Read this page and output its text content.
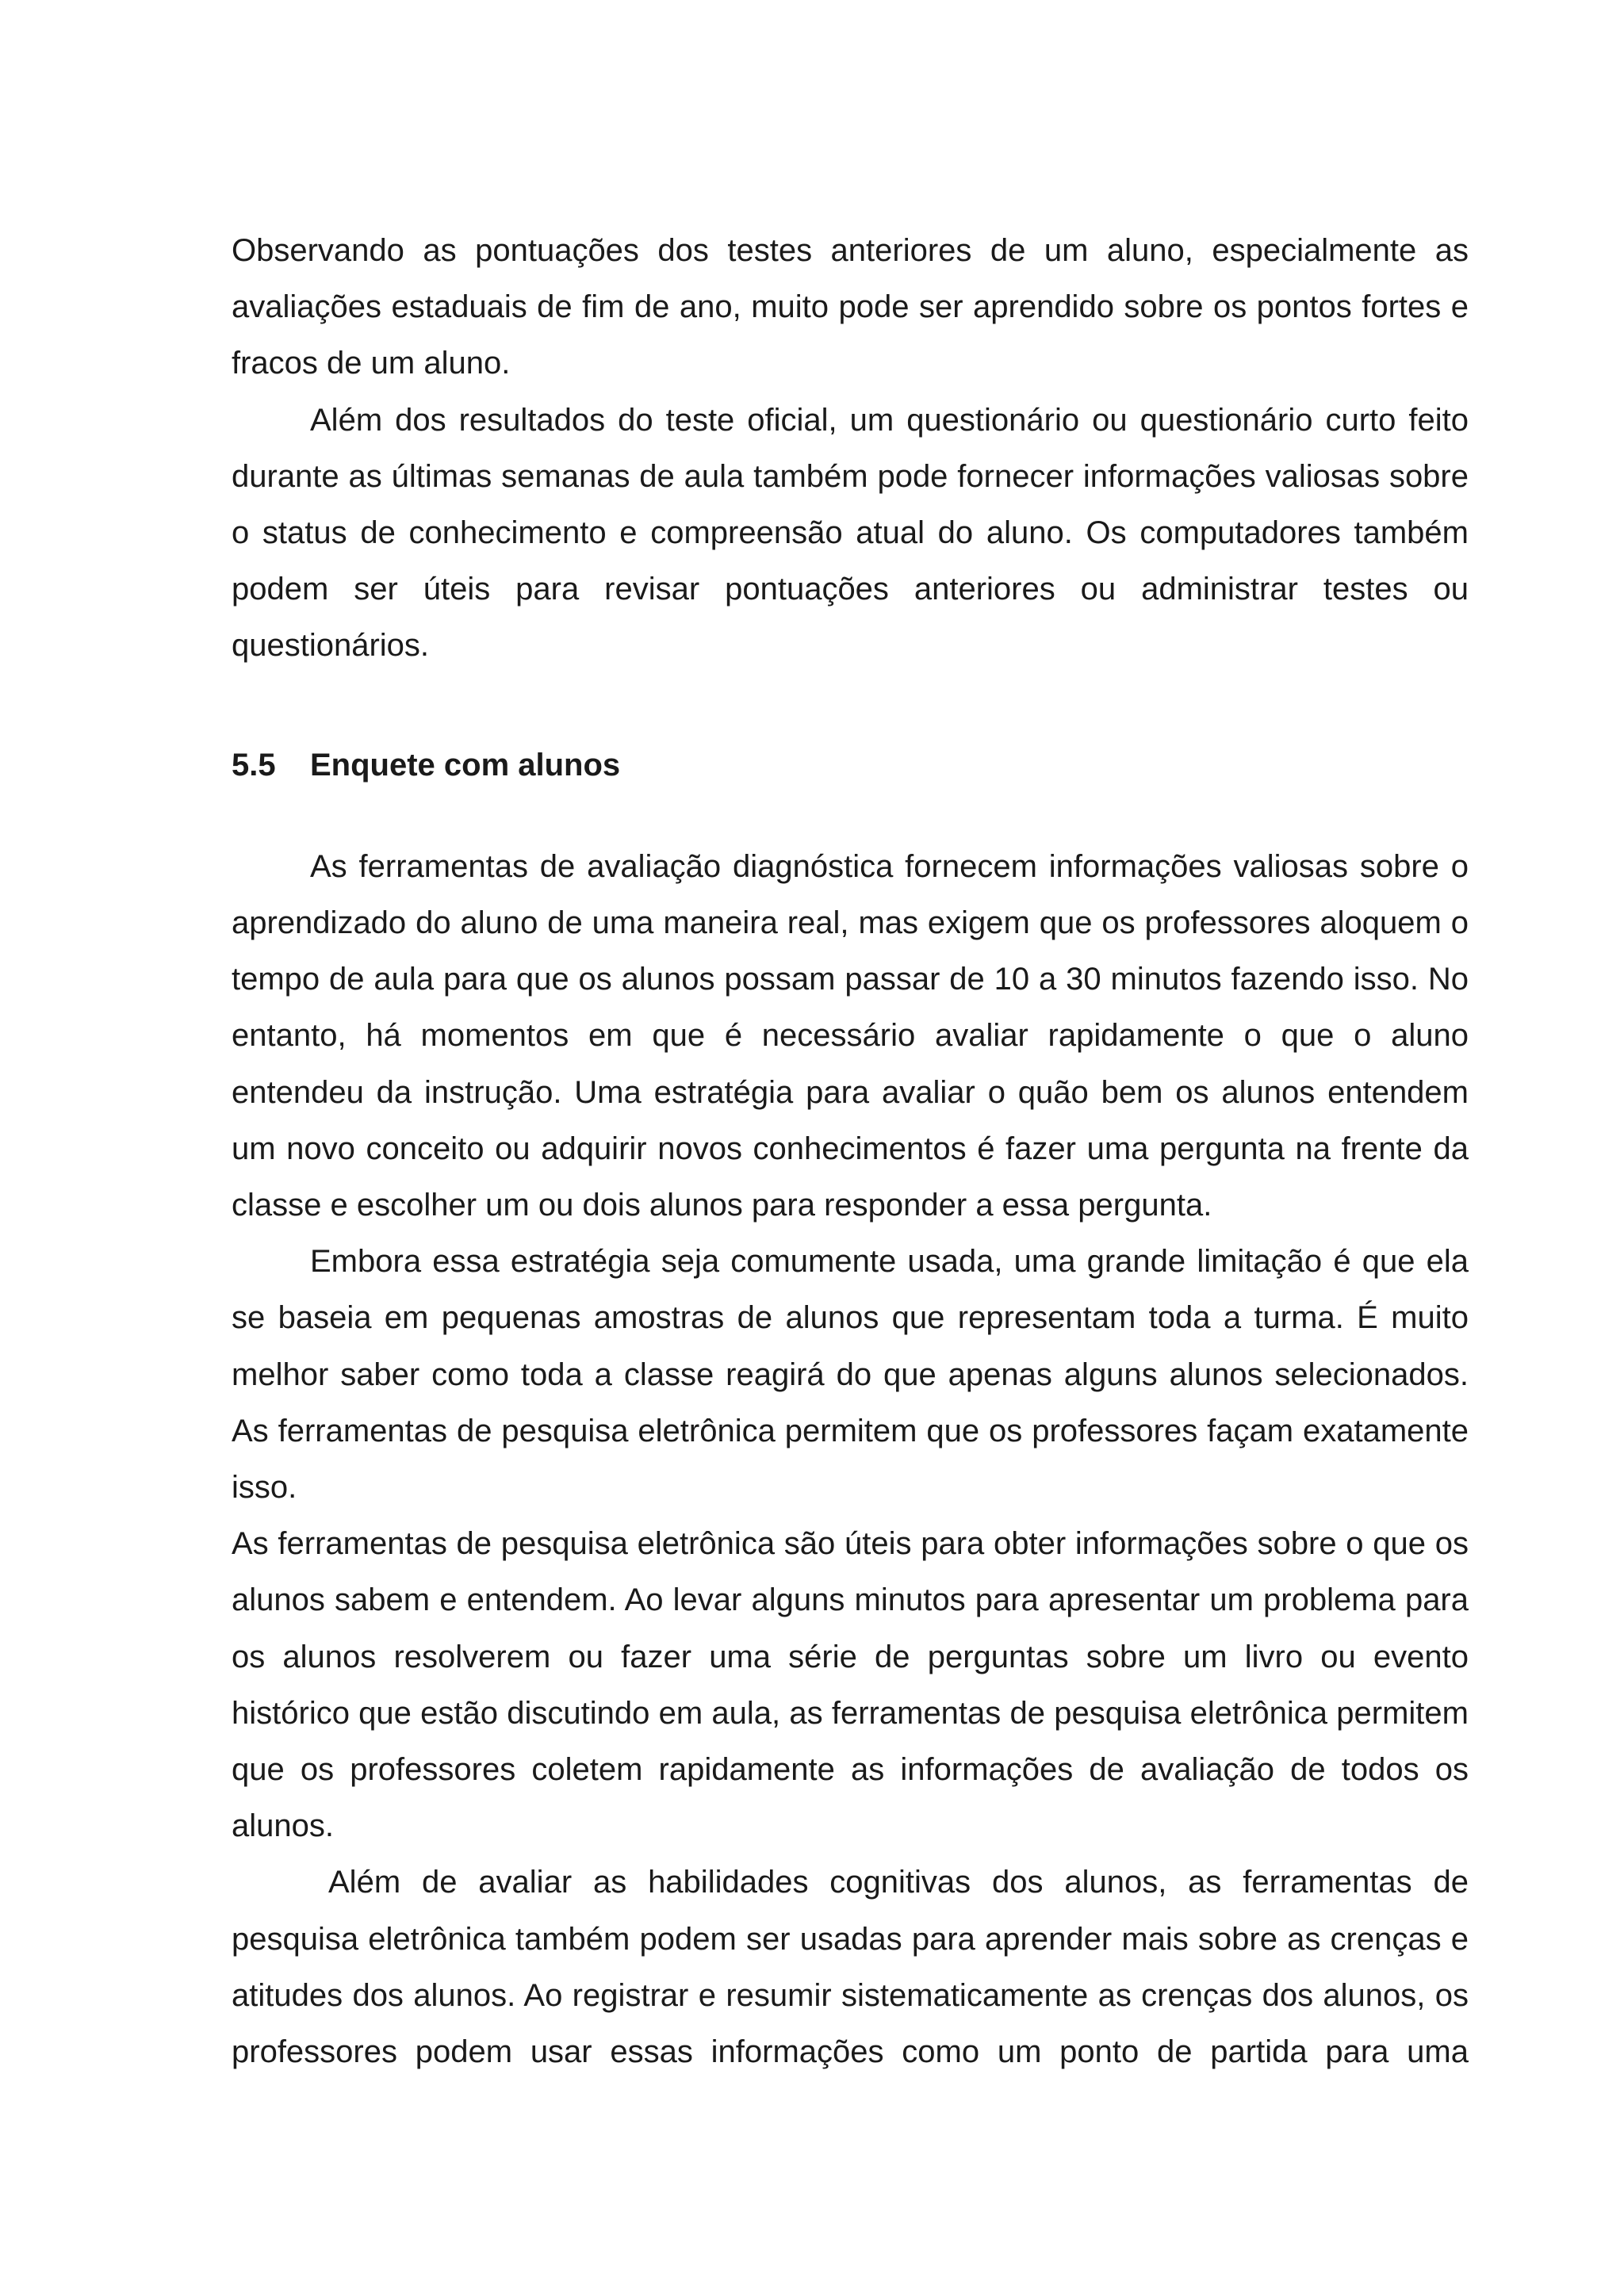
Observando as pontuações dos testes anteriores de um aluno, especialmente as avaliações estaduais de fim de ano, muito pode ser aprendido sobre os pontos fortes e fracos de um aluno.

Além dos resultados do teste oficial, um questionário ou questionário curto feito durante as últimas semanas de aula também pode fornecer informações valiosas sobre o status de conhecimento e compreensão atual do aluno. Os computadores também podem ser úteis para revisar pontuações anteriores ou administrar testes ou questionários.

5.5 Enquete com alunos

As ferramentas de avaliação diagnóstica fornecem informações valiosas sobre o aprendizado do aluno de uma maneira real, mas exigem que os professores aloquem o tempo de aula para que os alunos possam passar de 10 a 30 minutos fazendo isso. No entanto, há momentos em que é necessário avaliar rapidamente o que o aluno entendeu da instrução. Uma estratégia para avaliar o quão bem os alunos entendem um novo conceito ou adquirir novos conhecimentos é fazer uma pergunta na frente da classe e escolher um ou dois alunos para responder a essa pergunta.

Embora essa estratégia seja comumente usada, uma grande limitação é que ela se baseia em pequenas amostras de alunos que representam toda a turma. É muito melhor saber como toda a classe reagirá do que apenas alguns alunos selecionados. As ferramentas de pesquisa eletrônica permitem que os professores façam exatamente isso.

As ferramentas de pesquisa eletrônica são úteis para obter informações sobre o que os alunos sabem e entendem. Ao levar alguns minutos para apresentar um problema para os alunos resolverem ou fazer uma série de perguntas sobre um livro ou evento histórico que estão discutindo em aula, as ferramentas de pesquisa eletrônica permitem que os professores coletem rapidamente as informações de avaliação de todos os alunos.

Além de avaliar as habilidades cognitivas dos alunos, as ferramentas de pesquisa eletrônica também podem ser usadas para aprender mais sobre as crenças e atitudes dos alunos. Ao registrar e resumir sistematicamente as crenças dos alunos, os professores podem usar essas informações como um ponto de partida para uma
